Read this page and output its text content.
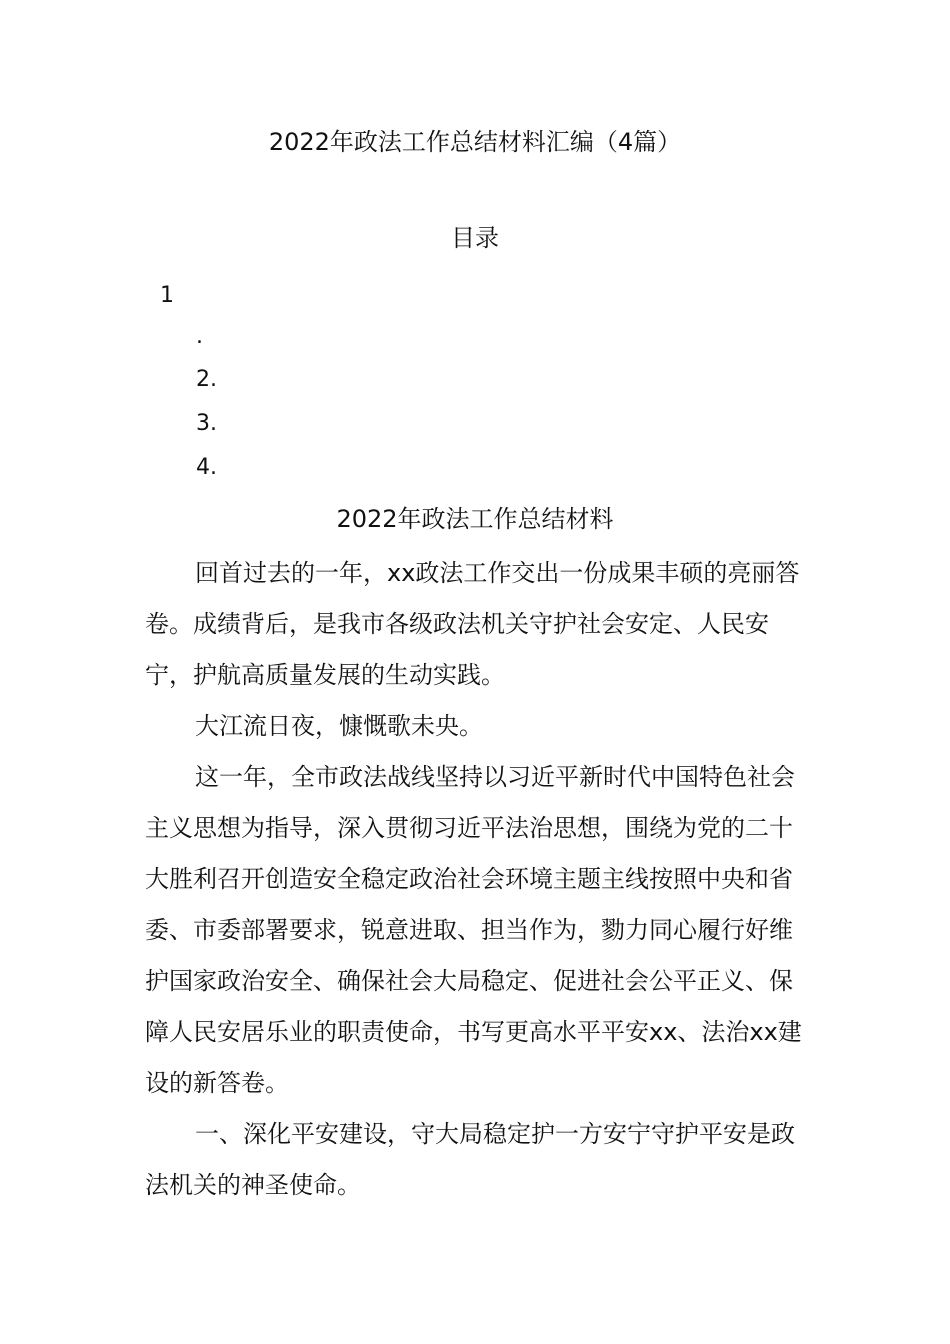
2022年政法工作总结材料汇编（4篇）
目录
1
.
2.
3.
4.
2022年政法工作总结材料

回首过去的一年，xx政法工作交出一份成果丰硕的亮丽答卷。成绩背后，是我市各级政法机关守护社会安定、人民安宁，护航高质量发展的生动实践。

大江流日夜，慷慨歌未央。

这一年，全市政法战线坚持以习近平新时代中国特色社会主义思想为指导，深入贯彻习近平法治思想，围绕为党的二十大胜利召开创造安全稳定政治社会环境主题主线按照中央和省委、市委部署要求，锐意进取、担当作为，勠力同心履行好维护国家政治安全、确保社会大局稳定、促进社会公平正义、保障人民安居乐业的职责使命，书写更高水平平安xx、法治xx建设的新答卷。

一、深化平安建设，守大局稳定护一方安宁守护平安是政法机关的神圣使命。
